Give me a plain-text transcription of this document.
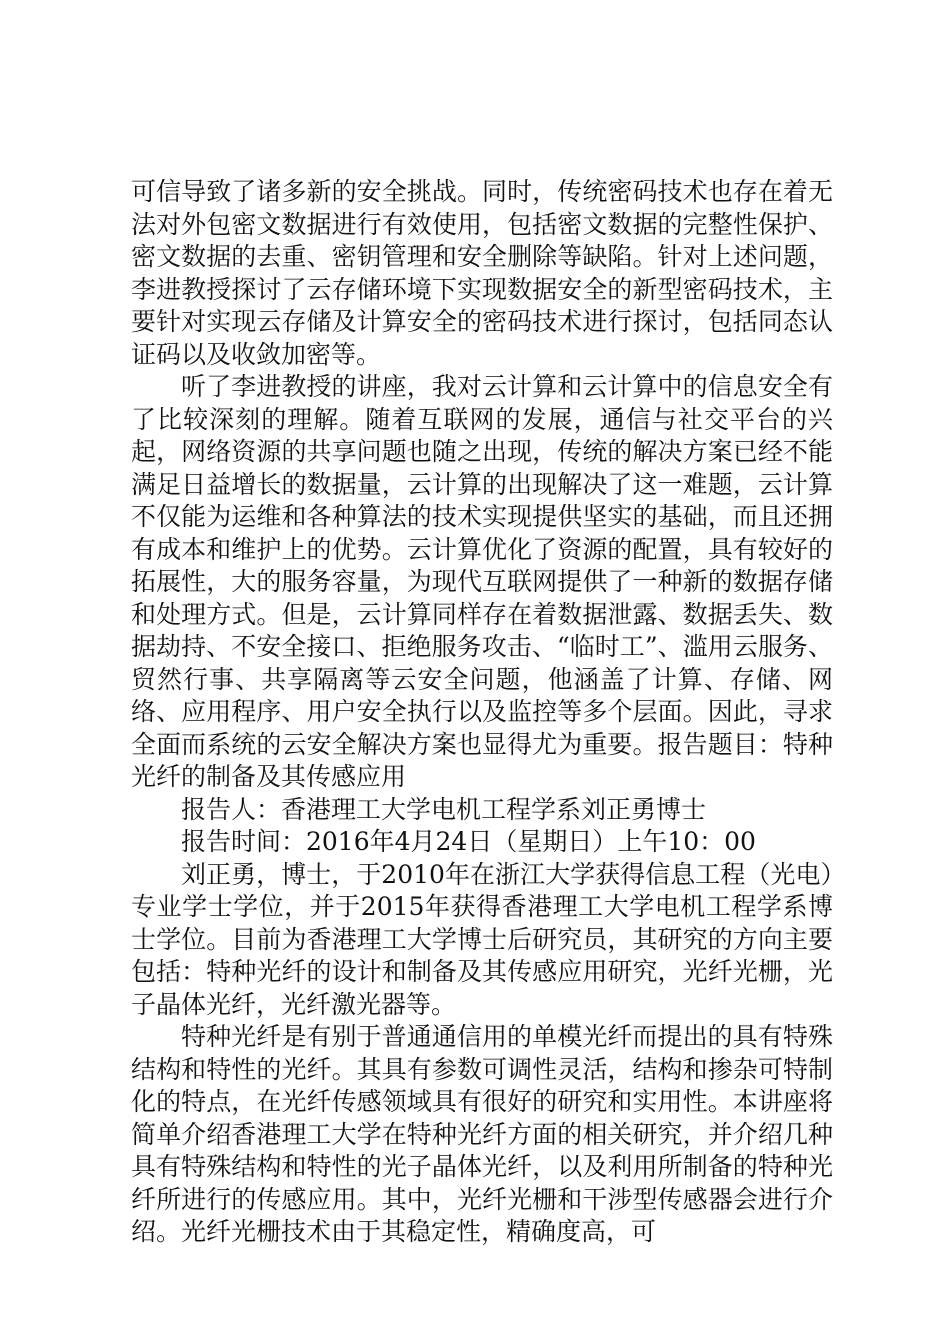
可信导致了诸多新的安全挑战。同时，传统密码技术也存在着无法对外包密文数据进行有效使用，包括密文数据的完整性保护、密文数据的去重、密钥管理和安全删除等缺陷。针对上述问题，李进教授探讨了云存储环境下实现数据安全的新型密码技术，主要针对实现云存储及计算安全的密码技术进行探讨，包括同态认证码以及收敛加密等。

听了李进教授的讲座，我对云计算和云计算中的信息安全有了比较深刻的理解。随着互联网的发展，通信与社交平台的兴起，网络资源的共享问题也随之出现，传统的解决方案已经不能满足日益增长的数据量，云计算的出现解决了这一难题，云计算不仅能为运维和各种算法的技术实现提供坚实的基础，而且还拥有成本和维护上的优势。云计算优化了资源的配置，具有较好的拓展性，大的服务容量，为现代互联网提供了一种新的数据存储和处理方式。但是，云计算同样存在着数据泄露、数据丢失、数据劫持、不安全接口、拒绝服务攻击、“临时工”、滥用云服务、贸然行事、共享隔离等云安全问题，他涵盖了计算、存储、网络、应用程序、用户安全执行以及监控等多个层面。因此，寻求全面而系统的云安全解决方案也显得尤为重要。报告题目：特种光纤的制备及其传感应用

报告人：香港理工大学电机工程学系刘正勇博士

报告时间：2016年4月24日（星期日）上午10：00

刘正勇，博士，于2010年在浙江大学获得信息工程（光电）专业学士学位，并于2015年获得香港理工大学电机工程学系博士学位。目前为香港理工大学博士后研究员，其研究的方向主要包括：特种光纤的设计和制备及其传感应用研究，光纤光栅，光子晶体光纤，光纤激光器等。

特种光纤是有别于普通通信用的单模光纤而提出的具有特殊结构和特性的光纤。其具有参数可调性灵活，结构和掺杂可特制化的特点，在光纤传感领域具有很好的研究和实用性。本讲座将简单介绍香港理工大学在特种光纤方面的相关研究，并介绍几种具有特殊结构和特性的光子晶体光纤，以及利用所制备的特种光纤所进行的传感应用。其中，光纤光栅和干涉型传感器会进行介绍。光纤光栅技术由于其稳定性，精确度高，可
